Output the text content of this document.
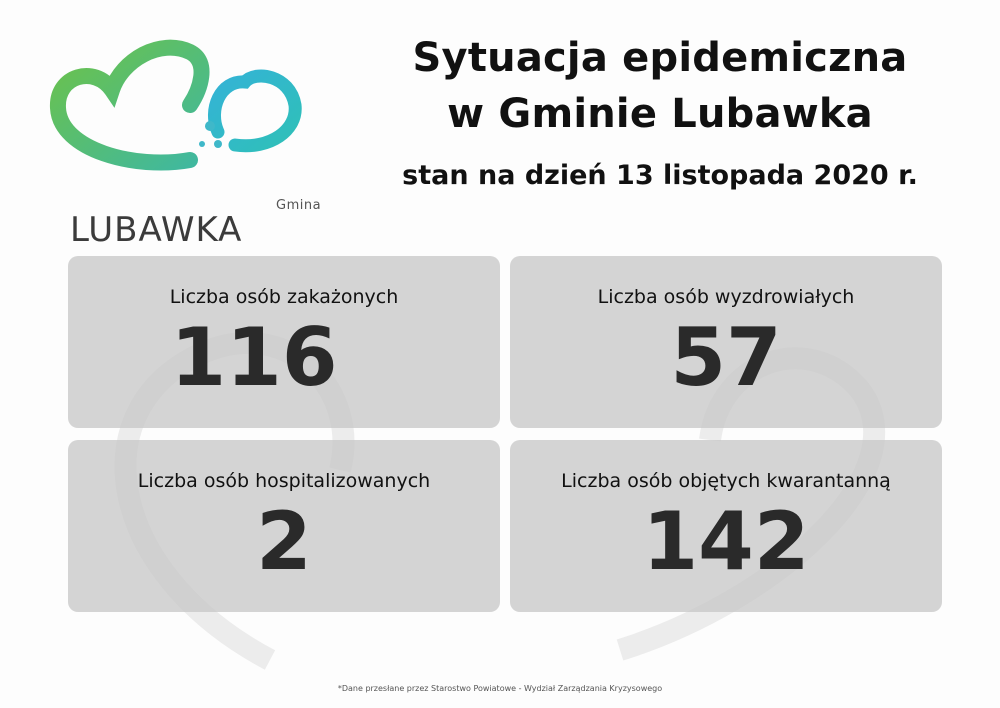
Gmina
LUBAWKA
Sytuacja epidemiczna
w Gminie Lubawka
stan na dzień 13 listopada 2020 r.
Liczba osób zakażonych
116
Liczba osób wyzdrowiałych
57
Liczba osób hospitalizowanych
2
Liczba osób objętych kwarantanną
142
*Dane przesłane przez Starostwo Powiatowe - Wydział Zarządzania Kryzysowego
